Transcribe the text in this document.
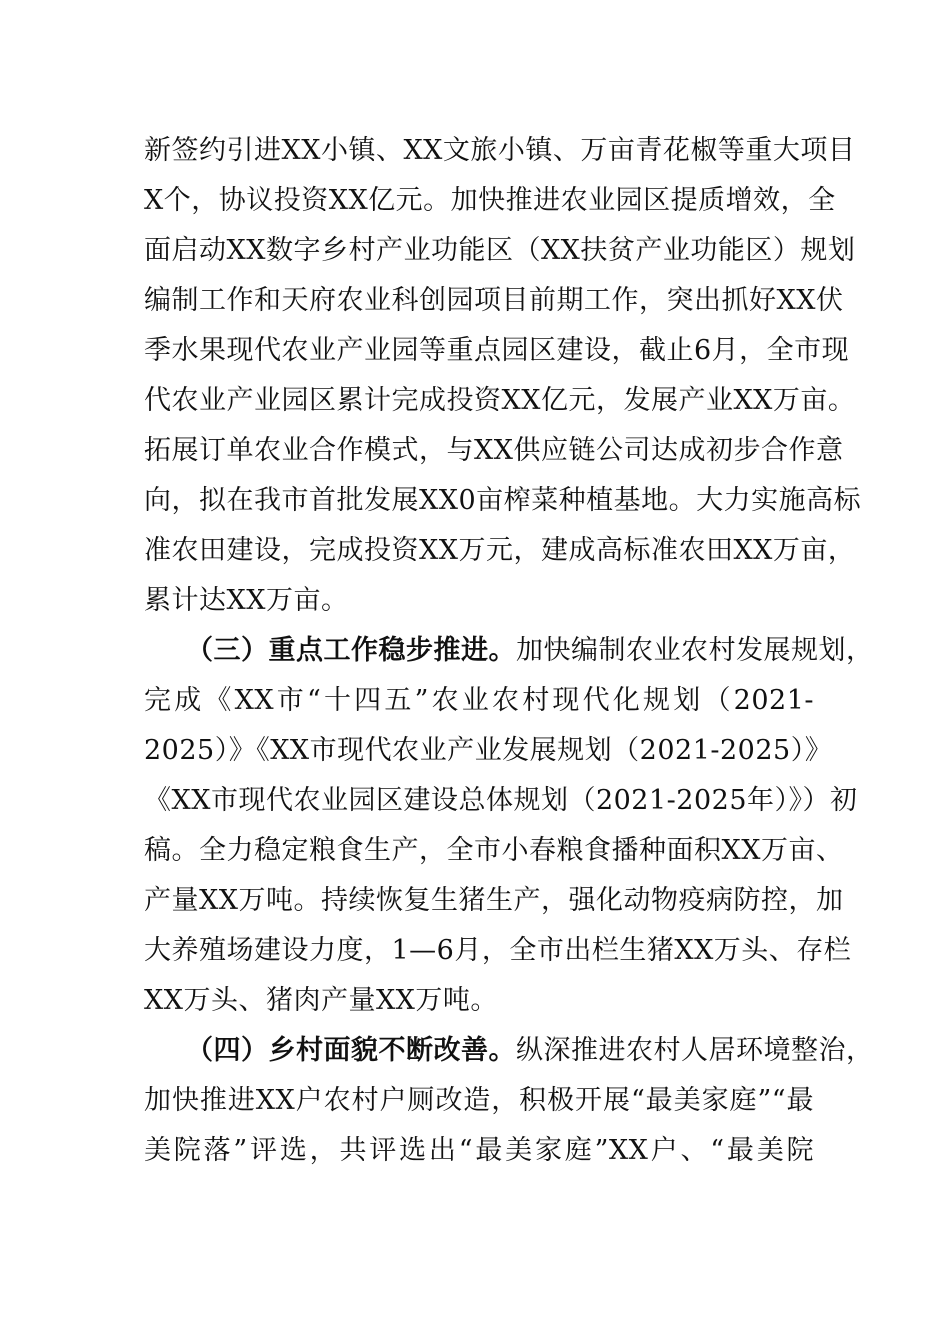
新签约引进XX小镇、XX文旅小镇、万亩青花椒等重大项目
X个，协议投资XX亿元。加快推进农业园区提质增效，全
面启动XX数字乡村产业功能区（XX扶贫产业功能区）规划
编制工作和天府农业科创园项目前期工作，突出抓好XX伏
季水果现代农业产业园等重点园区建设，截止6月，全市现
代农业产业园区累计完成投资XX亿元，发展产业XX万亩。
拓展订单农业合作模式，与XX供应链公司达成初步合作意
向，拟在我市首批发展XX0亩榨菜种植基地。大力实施高标
准农田建设，完成投资XX万元，建成高标准农田XX万亩，
累计达XX万亩。
（三）重点工作稳步推进。加快编制农业农村发展规划，
完成《XX市“十四五”农业农村现代化规划（2021-
2025）》《XX市现代农业产业发展规划（2021-2025）》
《XX市现代农业园区建设总体规划（2021-2025年）》）初
稿。全力稳定粮食生产，全市小春粮食播种面积XX万亩、
产量XX万吨。持续恢复生猪生产，强化动物疫病防控，加
大养殖场建设力度，1—6月，全市出栏生猪XX万头、存栏
XX万头、猪肉产量XX万吨。
（四）乡村面貌不断改善。纵深推进农村人居环境整治，
加快推进XX户农村户厕改造，积极开展“最美家庭”“最
美院落”评选，共评选出“最美家庭”XX户、“最美院
